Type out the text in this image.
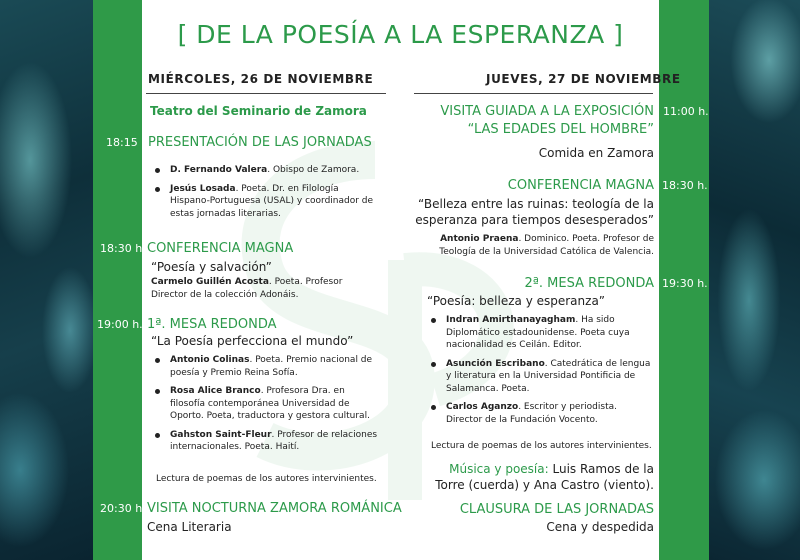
[ DE LA POESÍA A LA ESPERANZA ]
MIÉRCOLES, 26 DE NOVIEMBRE
Teatro del Seminario de Zamora
18:15 h.
PRESENTACIÓN DE LAS JORNADAS
D. Fernando Valera. Obispo de Zamora.
Jesús Losada. Poeta. Dr. en Filología Hispano-Portuguesa (USAL) y coordinador de estas jornadas literarias.
18:30 h. CONFERENCIA MAGNA
“Poesía y salvación”
Carmelo Guillén Acosta. Poeta. Profesor Director de la colección Adonáis.
19:00 h. 1ª. MESA REDONDA
“La Poesía perfecciona el mundo”
Antonio Colinas. Poeta. Premio nacional de poesía y Premio Reina Sofía.
Rosa Alice Branco. Profesora Dra. en filosofía contemporánea Universidad de Oporto. Poeta, traductora y gestora cultural.
Gahston Saint-Fleur. Profesor de relaciones internacionales. Poeta. Haití.
Lectura de poemas de los autores intervinientes.
20:30 h. VISITA NOCTURNA ZAMORA ROMÁNICA
Cena Literaria
JUEVES, 27 DE NOVIEMBRE
VISITA GUIADA A LA EXPOSICIÓN
“LAS EDADES DEL HOMBRE”
11:00 h.
Comida en Zamora
CONFERENCIA MAGNA 18:30 h.
“Belleza entre las ruinas: teología de la
esperanza para tiempos desesperados”
Antonio Praena. Dominico. Poeta. Profesor de
Teología de la Universidad Católica de Valencia.
2ª. MESA REDONDA 19:30 h.
“Poesía: belleza y esperanza”
Indran Amirthanayagham. Ha sido Diplomático estadounidense. Poeta cuya nacionalidad es Ceilán. Editor.
Asunción Escribano. Catedrática de lengua y literatura en la Universidad Pontificia de Salamanca. Poeta.
Carlos Aganzo. Escritor y periodista. Director de la Fundación Vocento.
Lectura de poemas de los autores intervinientes.
Música y poesía: Luis Ramos de la
Torre (cuerda) y Ana Castro (viento).
CLAUSURA DE LAS JORNADAS
Cena y despedida
